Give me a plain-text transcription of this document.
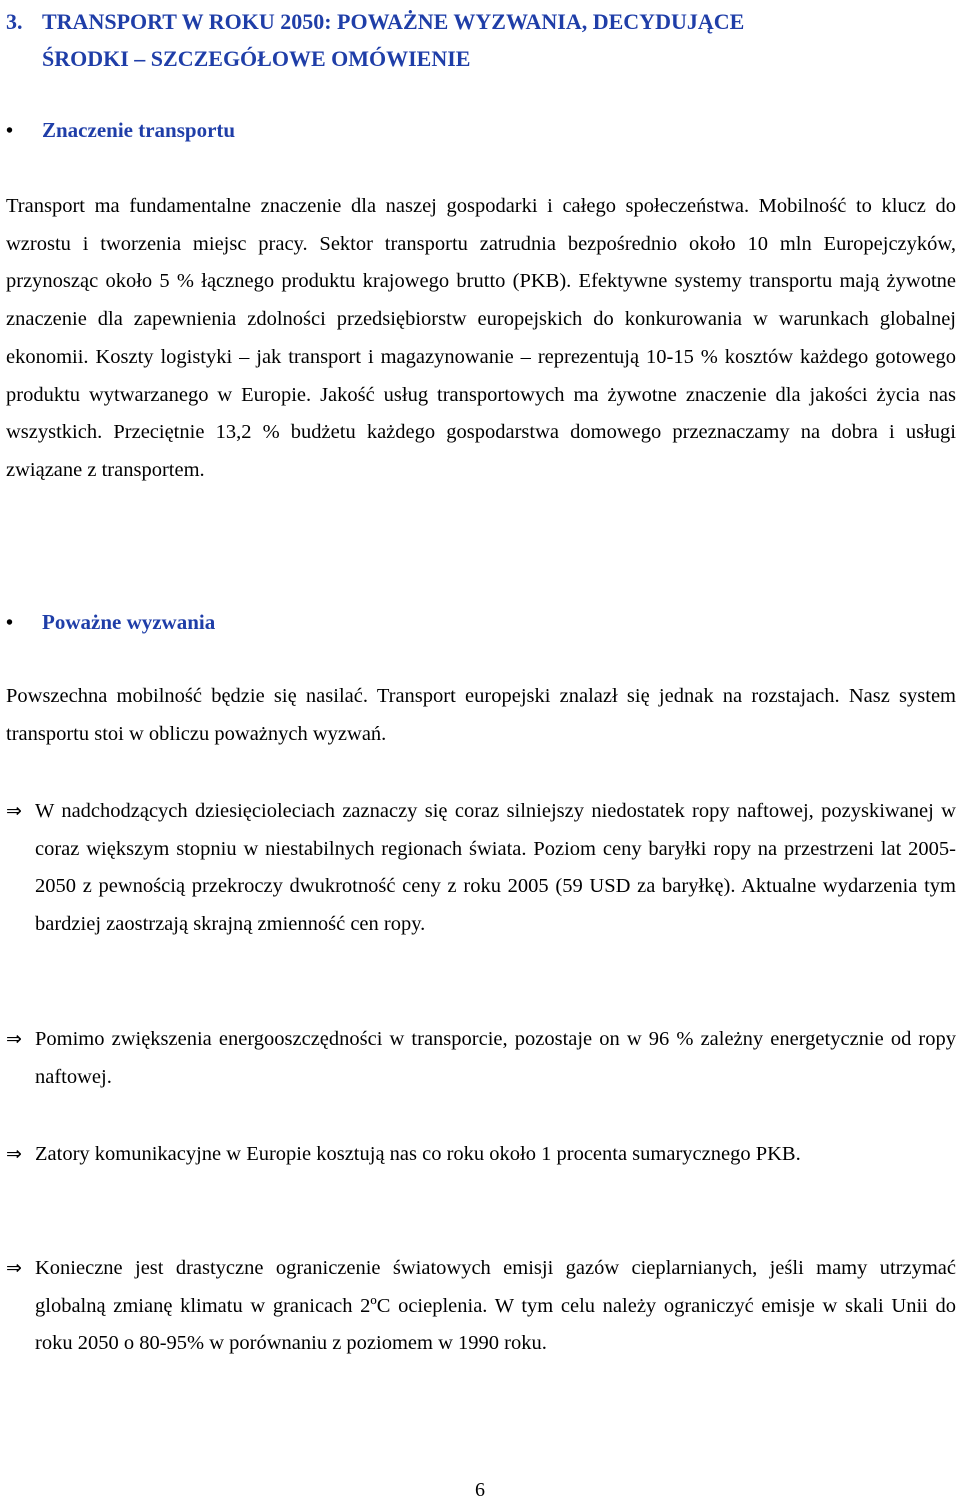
3. TRANSPORT W ROKU 2050: POWAŻNE WYZWANIA, DECYDUJĄCE
ŚRODKI – SZCZEGÓŁOWE OMÓWIENIE
• Znaczenie transportu

Transport ma fundamentalne znaczenie dla naszej gospodarki i całego społeczeństwa. Mobilność to klucz do wzrostu i tworzenia miejsc pracy. Sektor transportu zatrudnia bezpośrednio około 10 mln Europejczyków, przynosząc około 5 % łącznego produktu krajowego brutto (PKB). Efektywne systemy transportu mają żywotne znaczenie dla zapewnienia zdolności przedsiębiorstw europejskich do konkurowania w warunkach globalnej ekonomii. Koszty logistyki – jak transport i magazynowanie – reprezentują 10-15 % kosztów każdego gotowego produktu wytwarzanego w Europie. Jakość usług transportowych ma żywotne znaczenie dla jakości życia nas wszystkich. Przeciętnie 13,2 % budżetu każdego gospodarstwa domowego przeznaczamy na dobra i usługi związane z transportem.

• Poważne wyzwania

Powszechna mobilność będzie się nasilać. Transport europejski znalazł się jednak na rozstajach. Nasz system transportu stoi w obliczu poważnych wyzwań.

⇒ W nadchodzących dziesięcioleciach zaznaczy się coraz silniejszy niedostatek ropy naftowej, pozyskiwanej w coraz większym stopniu w niestabilnych regionach świata. Poziom ceny baryłki ropy na przestrzeni lat 2005-2050 z pewnością przekroczy dwukrotność ceny z roku 2005 (59 USD za baryłkę). Aktualne wydarzenia tym bardziej zaostrzają skrajną zmienność cen ropy.
⇒ Pomimo zwiększenia energooszczędności w transporcie, pozostaje on w 96 % zależny energetycznie od ropy naftowej.
⇒ Zatory komunikacyjne w Europie kosztują nas co roku około 1 procenta sumarycznego PKB.
⇒ Konieczne jest drastyczne ograniczenie światowych emisji gazów cieplarnianych, jeśli mamy utrzymać globalną zmianę klimatu w granicach 2ºC ocieplenia. W tym celu należy ograniczyć emisje w skali Unii do roku 2050 o 80-95% w porównaniu z poziomem w 1990 roku.
6
